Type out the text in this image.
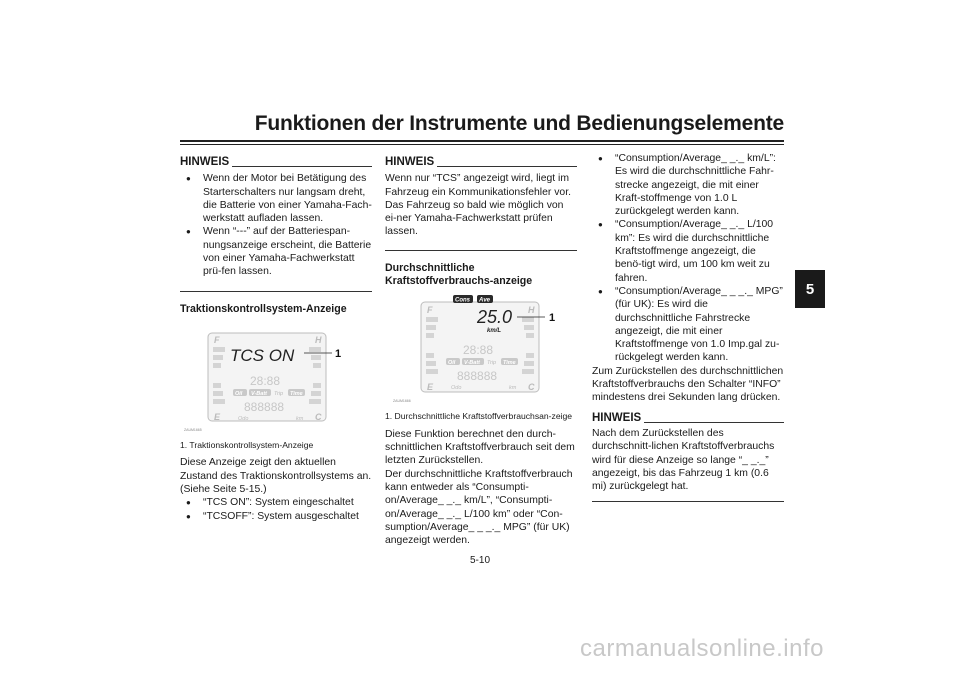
Funktionen der Instrumente und Bedienungselemente
5
HINWEIS
● Wenn der Motor bei Betätigung des Starterschalters nur langsam dreht, die Batterie von einer Yamaha-Fach-werkstatt aufladen lassen.
● Wenn “---” auf der Batteriespan-nungsanzeige erscheint, die Batterie von einer Yamaha-Fachwerkstatt prü-fen lassen.
Traktionskontrollsystem-Anzeige
F	H
E	C
TCS ON
28:88
Oil V-Batt Trip Time
888888
Odo	km
1
ZAUM1665
1. Traktionskontrollsystem-Anzeige

Diese Anzeige zeigt den aktuellen Zustand des Traktionskontrollsystems an. (Siehe Seite 5-15.)

● “TCS ON”: System eingeschaltet
● “TCSOFF”: System ausgeschaltet
HINWEIS

Wenn nur “TCS” angezeigt wird, liegt im Fahrzeug ein Kommunikationsfehler vor. Das Fahrzeug so bald wie möglich von ei-ner Yamaha-Fachwerkstatt prüfen lassen.

Durchschnittliche Kraftstoffverbrauchs-anzeige
F	H
E	C
Cons Ave
25.0
km/L
28:88
Oil V-Batt Trip Time
888888
Odo	km
1
ZAUM1666
1. Durchschnittliche Kraftstoffverbrauchsan-zeige

Diese Funktion berechnet den durch-schnittlichen Kraftstoffverbrauch seit dem letzten Zurückstellen.

Der durchschnittliche Kraftstoffverbrauch kann entweder als “Consumpti-on/Average_ _._ km/L”, “Consumpti-on/Average_ _._ L/100 km” oder “Con-sumption/Average_ _ _._ MPG” (für UK) angezeigt werden.

● “Consumption/Average_ _._ km/L”: Es wird die durchschnittliche Fahr-strecke angezeigt, die mit einer Kraft-stoffmenge von 1.0 L zurückgelegt werden kann.
● “Consumption/Average_ _._ L/100 km”: Es wird die durchschnittliche Kraftstoffmenge angezeigt, die benö-tigt wird, um 100 km weit zu fahren.
● “Consumption/Average_ _ _._ MPG” (für UK): Es wird die durchschnittliche Fahrstrecke angezeigt, die mit einer Kraftstoffmenge von 1.0 Imp.gal zu-rückgelegt werden kann.

Zum Zurückstellen des durchschnittlichen Kraftstoffverbrauchs den Schalter “INFO” mindestens drei Sekunden lang drücken.

HINWEIS

Nach dem Zurückstellen des durchschnitt-lichen Kraftstoffverbrauchs wird für diese Anzeige so lange “_ _._” angezeigt, bis das Fahrzeug 1 km (0.6 mi) zurückgelegt hat.

5-10
carmanualsonline.info
